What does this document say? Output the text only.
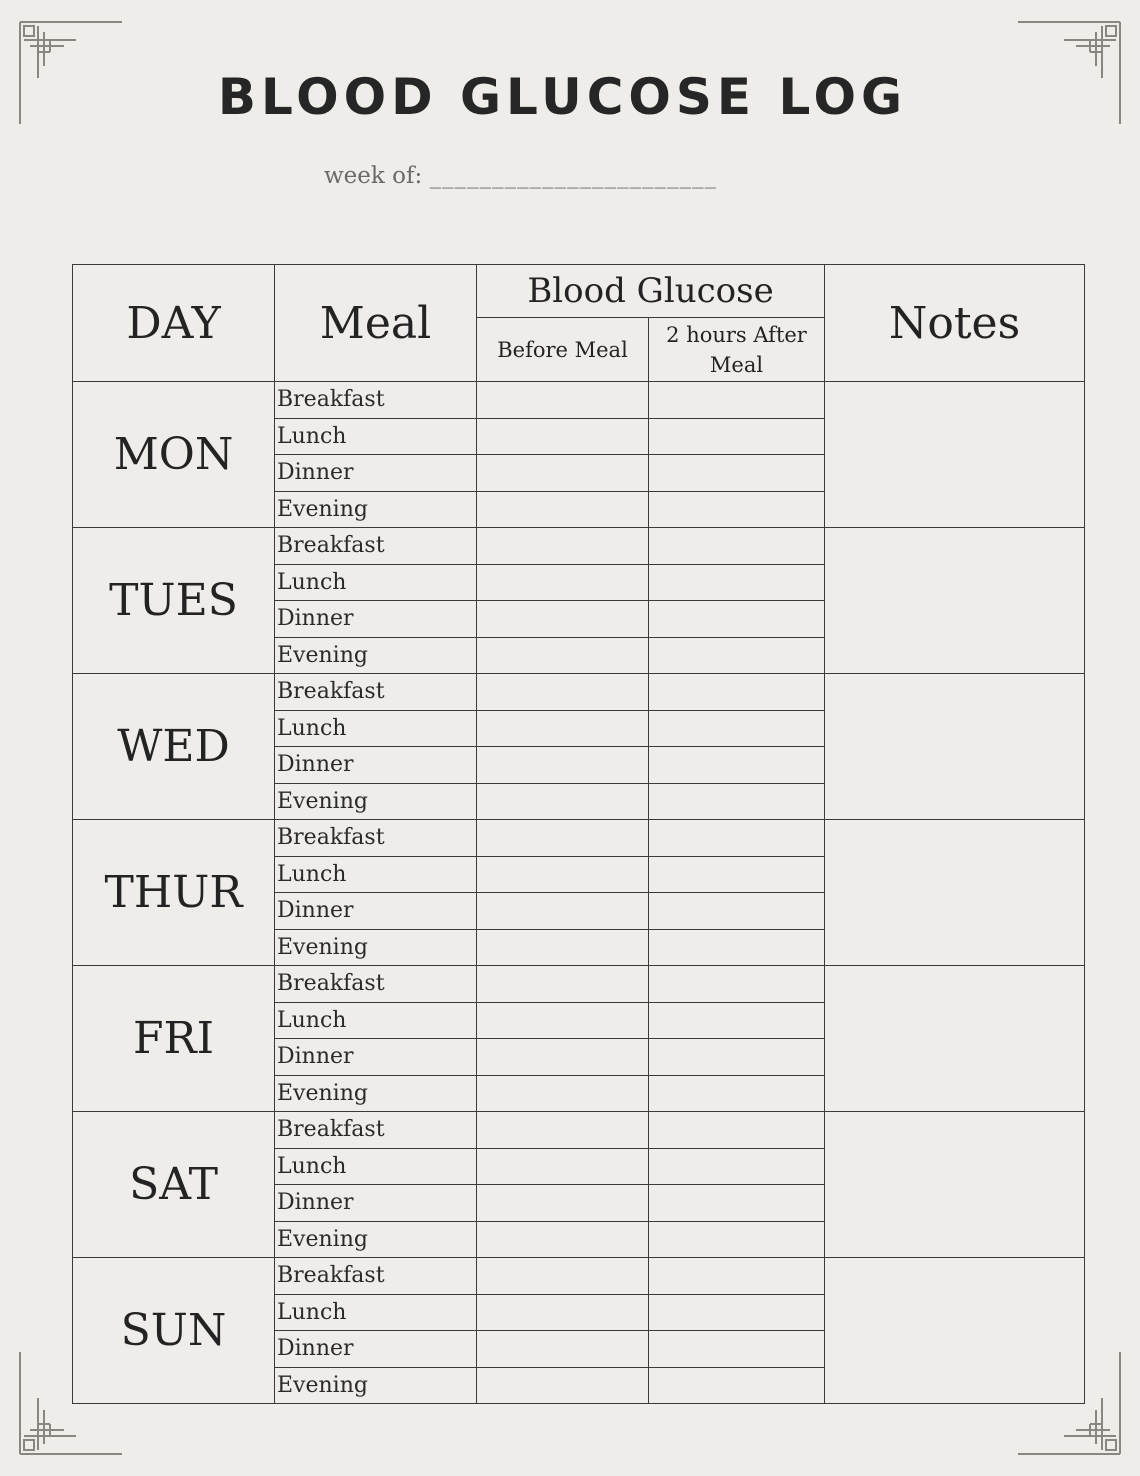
BLOOD GLUCOSE LOG
week of: _______________________
DAY	Meal	Blood Glucose		Notes
		Before Meal	2 hours After Meal	
MON	Breakfast			
	Lunch			
	Dinner			
	Evening			
TUES	Breakfast			
	Lunch			
	Dinner			
	Evening			
WED	Breakfast			
	Lunch			
	Dinner			
	Evening			
THUR	Breakfast			
	Lunch			
	Dinner			
	Evening			
FRI	Breakfast			
	Lunch			
	Dinner			
	Evening			
SAT	Breakfast			
	Lunch			
	Dinner			
	Evening			
SUN	Breakfast			
	Lunch			
	Dinner			
	Evening			
